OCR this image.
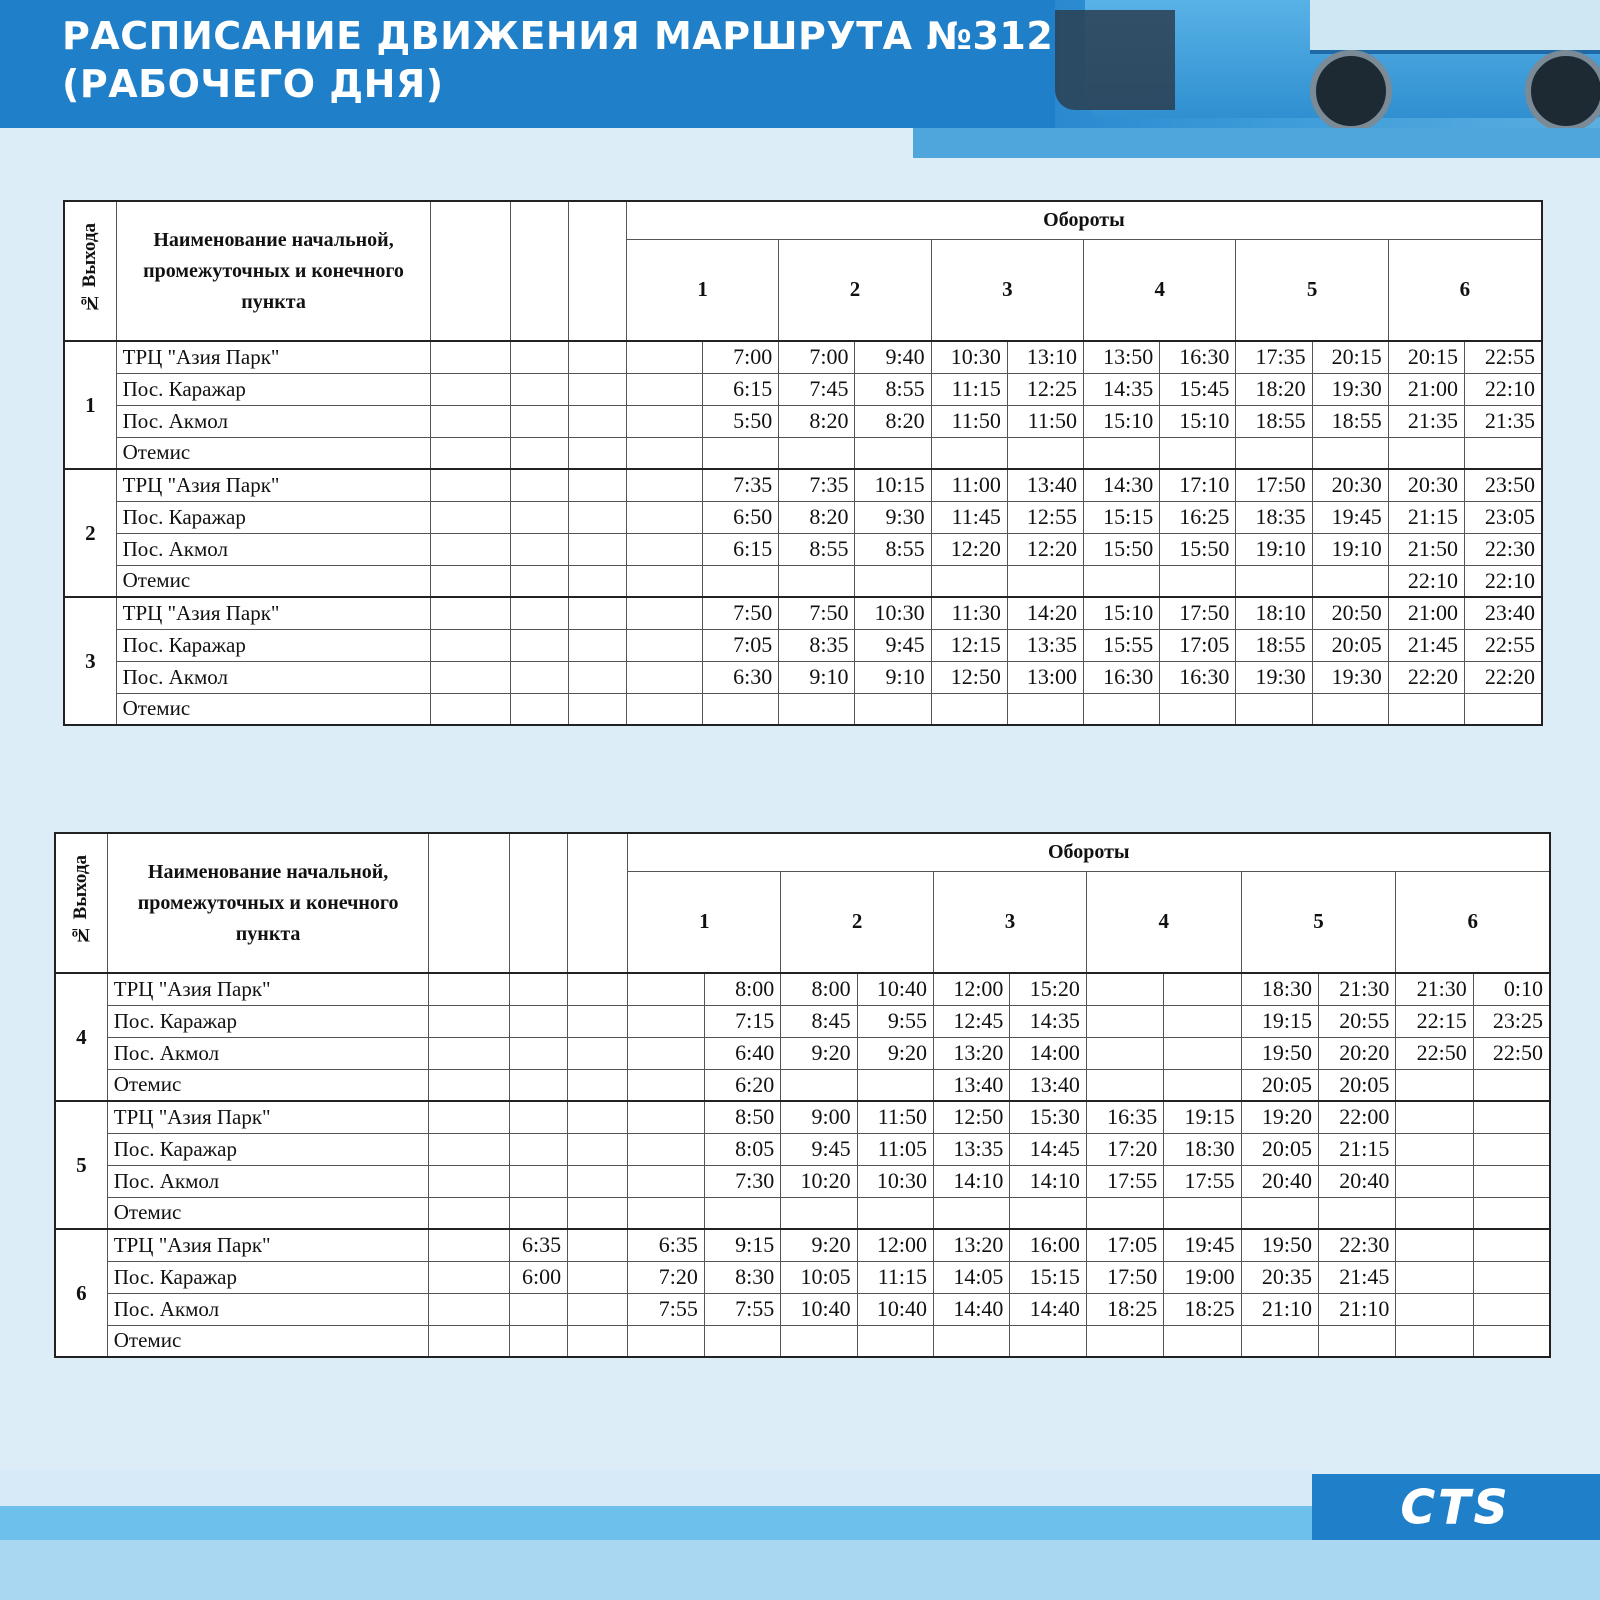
РАСПИСАНИЕ ДВИЖЕНИЯ МАРШРУТА №312
(РАБОЧЕГО ДНЯ)
№ Выхода	Наименование начальной, промежуточных и конечного пункта				Обороты											
					1		2		3		4		5		6	
1	ТРЦ "Азия Парк"					7:00	7:00	9:40	10:30	13:10	13:50	16:30	17:35	20:15	20:15	22:55
	Пос. Каражар					6:15	7:45	8:55	11:15	12:25	14:35	15:45	18:20	19:30	21:00	22:10
	Пос. Акмол					5:50	8:20	8:20	11:50	11:50	15:10	15:10	18:55	18:55	21:35	21:35
	Отемис															
2	ТРЦ "Азия Парк"					7:35	7:35	10:15	11:00	13:40	14:30	17:10	17:50	20:30	20:30	23:50
	Пос. Каражар					6:50	8:20	9:30	11:45	12:55	15:15	16:25	18:35	19:45	21:15	23:05
	Пос. Акмол					6:15	8:55	8:55	12:20	12:20	15:50	15:50	19:10	19:10	21:50	22:30
	Отемис														22:10	22:10
3	ТРЦ "Азия Парк"					7:50	7:50	10:30	11:30	14:20	15:10	17:50	18:10	20:50	21:00	23:40
	Пос. Каражар					7:05	8:35	9:45	12:15	13:35	15:55	17:05	18:55	20:05	21:45	22:55
	Пос. Акмол					6:30	9:10	9:10	12:50	13:00	16:30	16:30	19:30	19:30	22:20	22:20
	Отемис															
№ Выхода	Наименование начальной, промежуточных и конечного пункта				Обороты											
					1		2		3		4		5		6	
4	ТРЦ "Азия Парк"					8:00	8:00	10:40	12:00	15:20			18:30	21:30	21:30	0:10
	Пос. Каражар					7:15	8:45	9:55	12:45	14:35			19:15	20:55	22:15	23:25
	Пос. Акмол					6:40	9:20	9:20	13:20	14:00			19:50	20:20	22:50	22:50
	Отемис					6:20			13:40	13:40			20:05	20:05		
5	ТРЦ "Азия Парк"					8:50	9:00	11:50	12:50	15:30	16:35	19:15	19:20	22:00		
	Пос. Каражар					8:05	9:45	11:05	13:35	14:45	17:20	18:30	20:05	21:15		
	Пос. Акмол					7:30	10:20	10:30	14:10	14:10	17:55	17:55	20:40	20:40		
	Отемис															
6	ТРЦ "Азия Парк"		6:35		6:35	9:15	9:20	12:00	13:20	16:00	17:05	19:45	19:50	22:30		
	Пос. Каражар		6:00		7:20	8:30	10:05	11:15	14:05	15:15	17:50	19:00	20:35	21:45		
	Пос. Акмол				7:55	7:55	10:40	10:40	14:40	14:40	18:25	18:25	21:10	21:10		
	Отемис															
CTS
